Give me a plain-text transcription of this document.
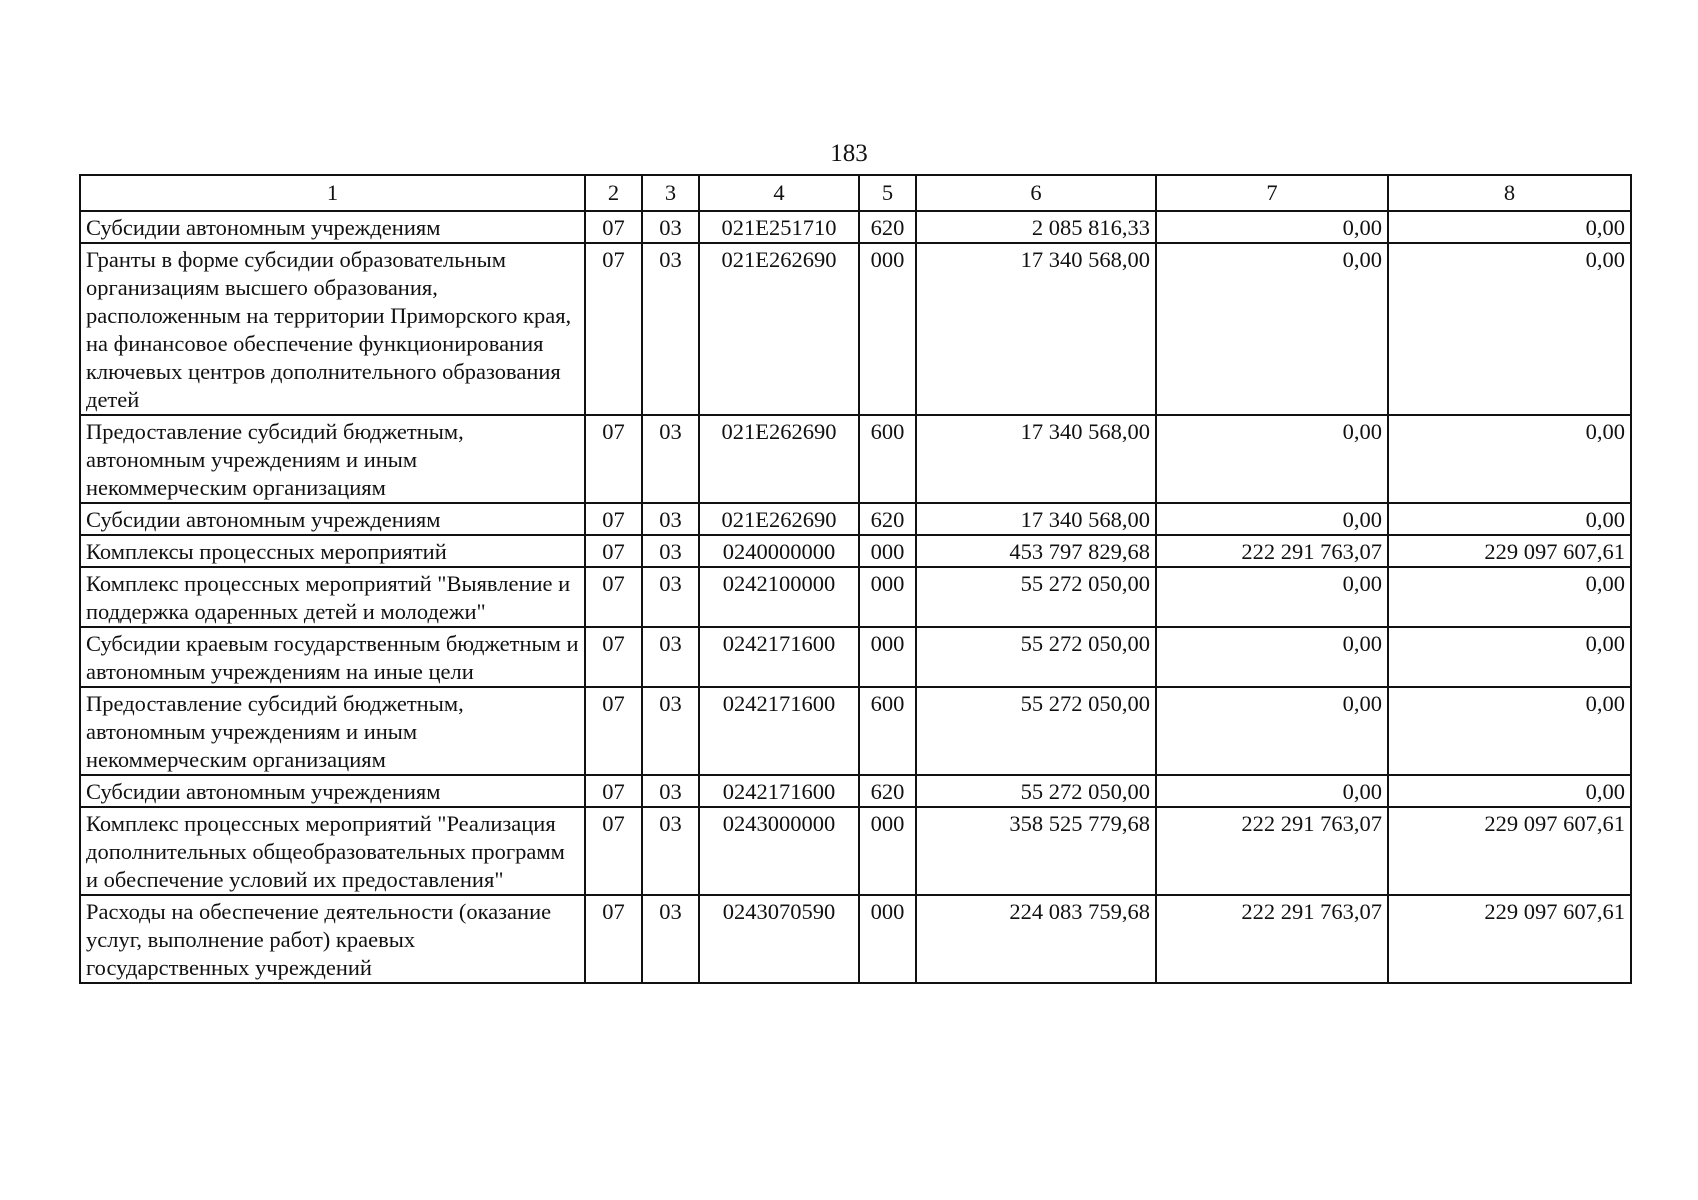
183
1	2	3	4	5	6	7	8
Субсидии автономным учреждениям	07	03	021E251710	620	2 085 816,33	0,00	0,00
Гранты в форме субсидии образовательным организациям высшего образования, расположенным на территории Приморского края, на финансовое обеспечение функционирования ключевых центров дополнительного образования детей	07	03	021E262690	000	17 340 568,00	0,00	0,00
Предоставление субсидий бюджетным, автономным учреждениям и иным некоммерческим организациям	07	03	021E262690	600	17 340 568,00	0,00	0,00
Субсидии автономным учреждениям	07	03	021E262690	620	17 340 568,00	0,00	0,00
Комплексы процессных мероприятий	07	03	0240000000	000	453 797 829,68	222 291 763,07	229 097 607,61
Комплекс процессных мероприятий "Выявление и поддержка одаренных детей и молодежи"	07	03	0242100000	000	55 272 050,00	0,00	0,00
Субсидии краевым государственным бюджетным и автономным учреждениям на иные цели	07	03	0242171600	000	55 272 050,00	0,00	0,00
Предоставление субсидий бюджетным, автономным учреждениям и иным некоммерческим организациям	07	03	0242171600	600	55 272 050,00	0,00	0,00
Субсидии автономным учреждениям	07	03	0242171600	620	55 272 050,00	0,00	0,00
Комплекс процессных мероприятий "Реализация дополнительных общеобразовательных программ и обеспечение условий их предоставления"	07	03	0243000000	000	358 525 779,68	222 291 763,07	229 097 607,61
Расходы на обеспечение деятельности (оказание услуг, выполнение работ) краевых государственных учреждений	07	03	0243070590	000	224 083 759,68	222 291 763,07	229 097 607,61
